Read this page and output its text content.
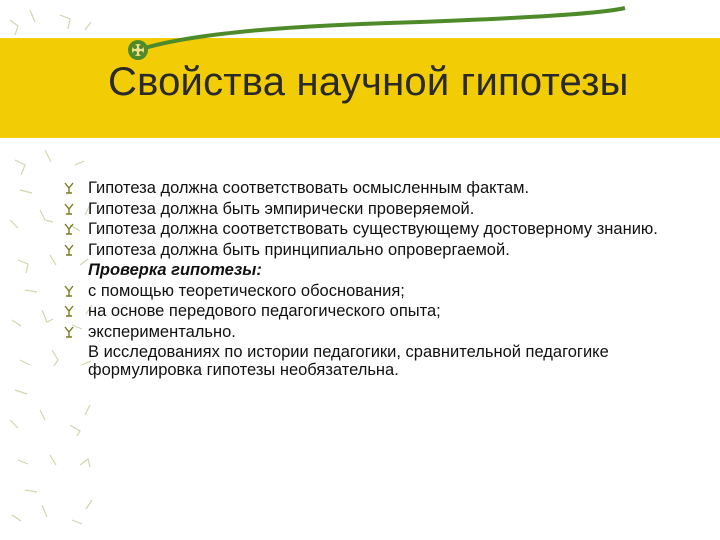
Свойства научной гипотезы
Гипотеза должна соответствовать осмысленным фактам.
Гипотеза должна быть эмпирически проверяемой.
Гипотеза должна соответствовать существующему достоверному знанию.
Гипотеза должна быть принципиально опровергаемой.
Проверка гипотезы:
с помощью теоретического обоснования;
на основе передового педагогического опыта;
экспериментально.
В исследованиях по истории педагогики, сравнительной педагогике формулировка гипотезы необязательна.
